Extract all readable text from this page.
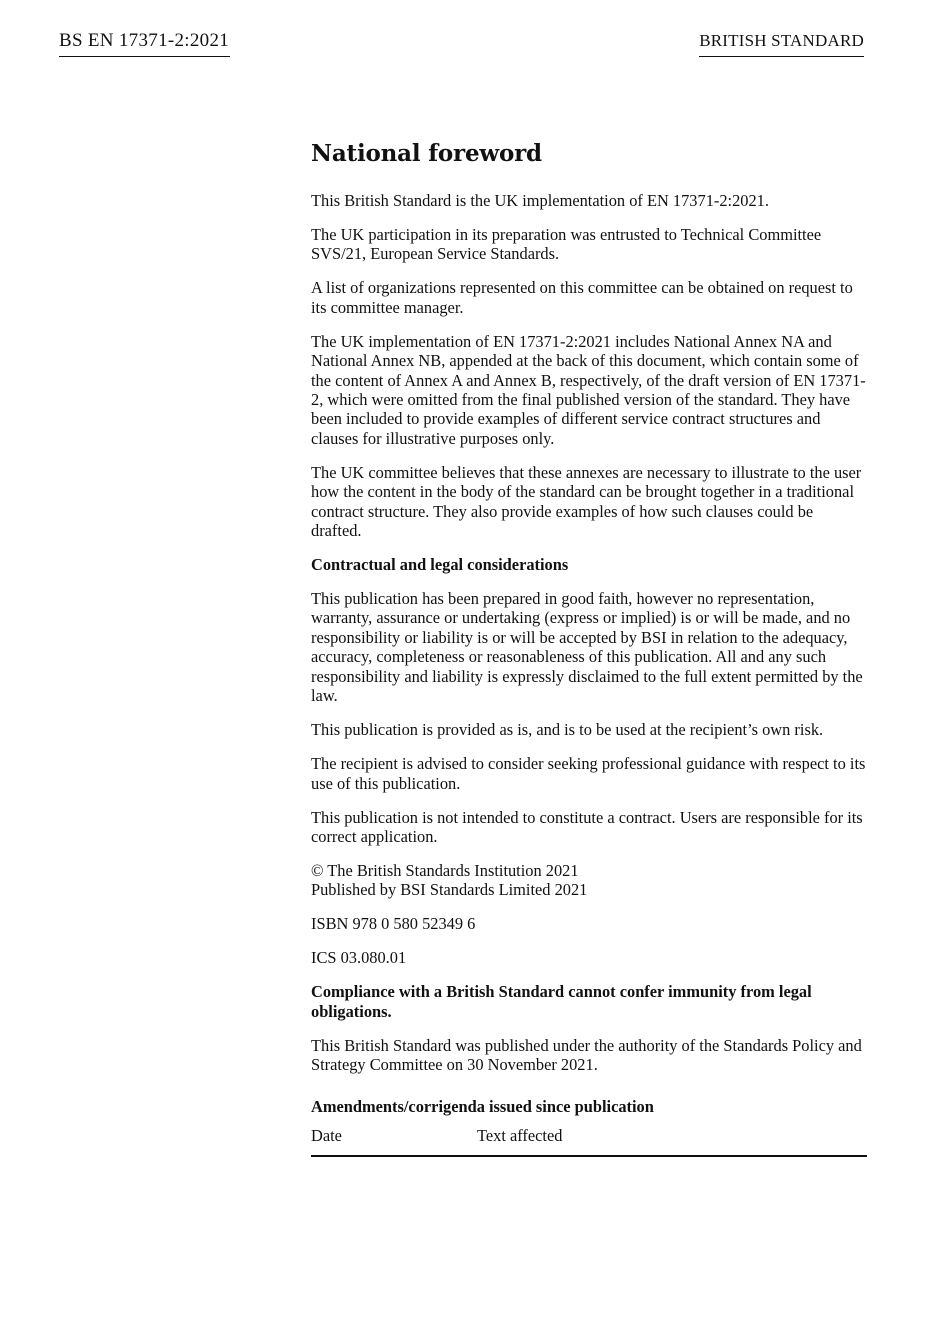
BS EN 17371-2:2021	BRITISH STANDARD
National foreword

This British Standard is the UK implementation of EN 17371-2:2021.

The UK participation in its preparation was entrusted to Technical Committee SVS/21, European Service Standards.

A list of organizations represented on this committee can be obtained on request to its committee manager.

The UK implementation of EN 17371-2:2021 includes National Annex NA and National Annex NB, appended at the back of this document, which contain some of the content of Annex A and Annex B, respectively, of the draft version of EN 17371-2, which were omitted from the final published version of the standard. They have been included to provide examples of different service contract structures and clauses for illustrative purposes only.

The UK committee believes that these annexes are necessary to illustrate to the user how the content in the body of the standard can be brought together in a traditional contract structure. They also provide examples of how such clauses could be drafted.

Contractual and legal considerations

This publication has been prepared in good faith, however no representation, warranty, assurance or undertaking (express or implied) is or will be made, and no responsibility or liability is or will be accepted by BSI in relation to the adequacy, accuracy, completeness or reasonableness of this publication. All and any such responsibility and liability is expressly disclaimed to the full extent permitted by the law.

This publication is provided as is, and is to be used at the recipient’s own risk.

The recipient is advised to consider seeking professional guidance with respect to its use of this publication.

This publication is not intended to constitute a contract. Users are responsible for its correct application.

© The British Standards Institution 2021
Published by BSI Standards Limited 2021

ISBN 978 0 580 52349 6

ICS 03.080.01

Compliance with a British Standard cannot confer immunity from legal obligations.

This British Standard was published under the authority of the Standards Policy and Strategy Committee on 30 November 2021.

Amendments/corrigenda issued since publication
Date	Text affected
